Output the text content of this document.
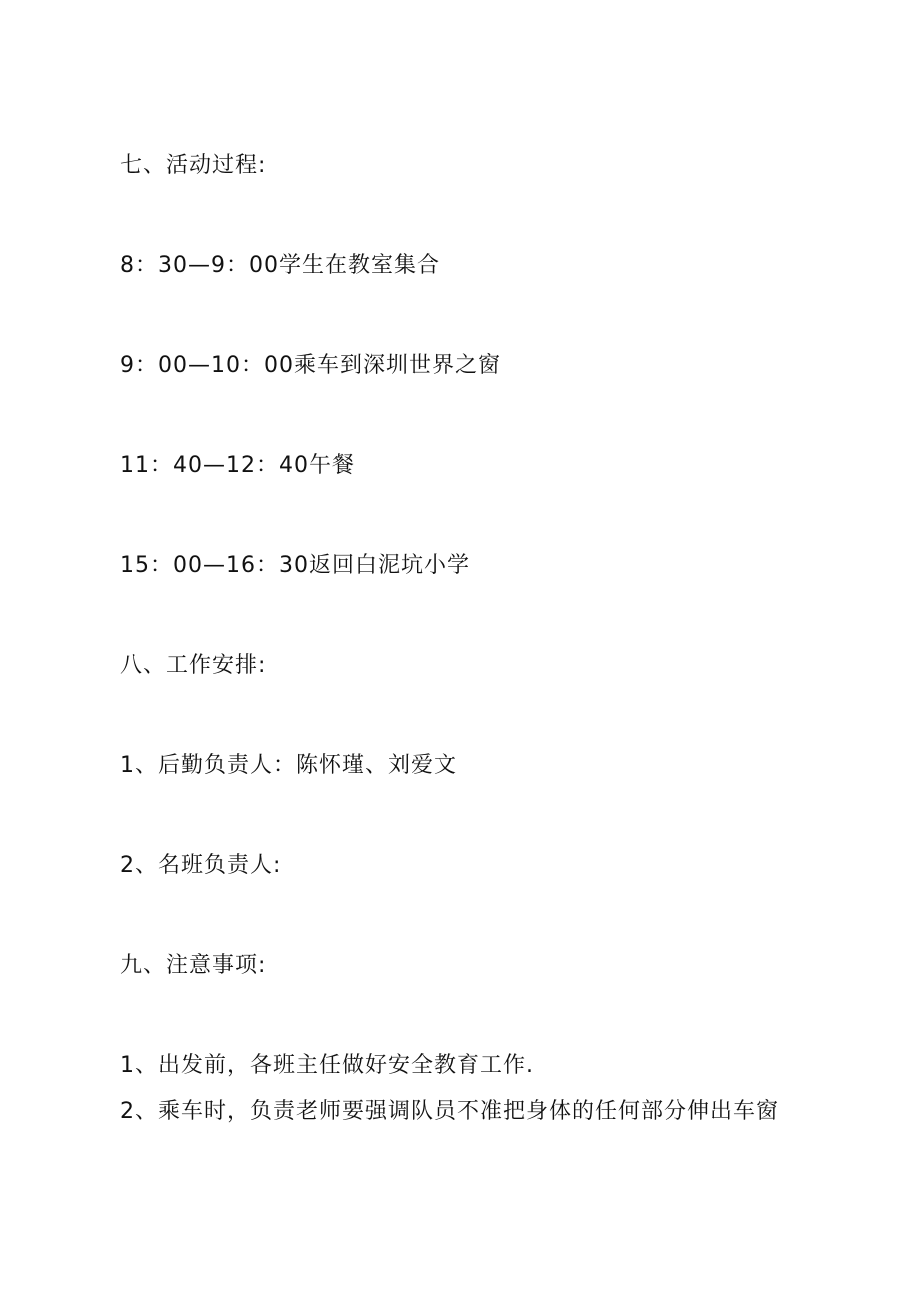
七、活动过程:
8：30—9：00学生在教室集合
9：00—10：00乘车到深圳世界之窗
11：40—12：40午餐
15：00—16：30返回白泥坑小学
八、工作安排:
1、后勤负责人：陈怀瑾、刘爱文
2、名班负责人:
九、注意事项:
1、出发前，各班主任做好安全教育工作.
2、乘车时，负责老师要强调队员不准把身体的任何部分伸出车窗
